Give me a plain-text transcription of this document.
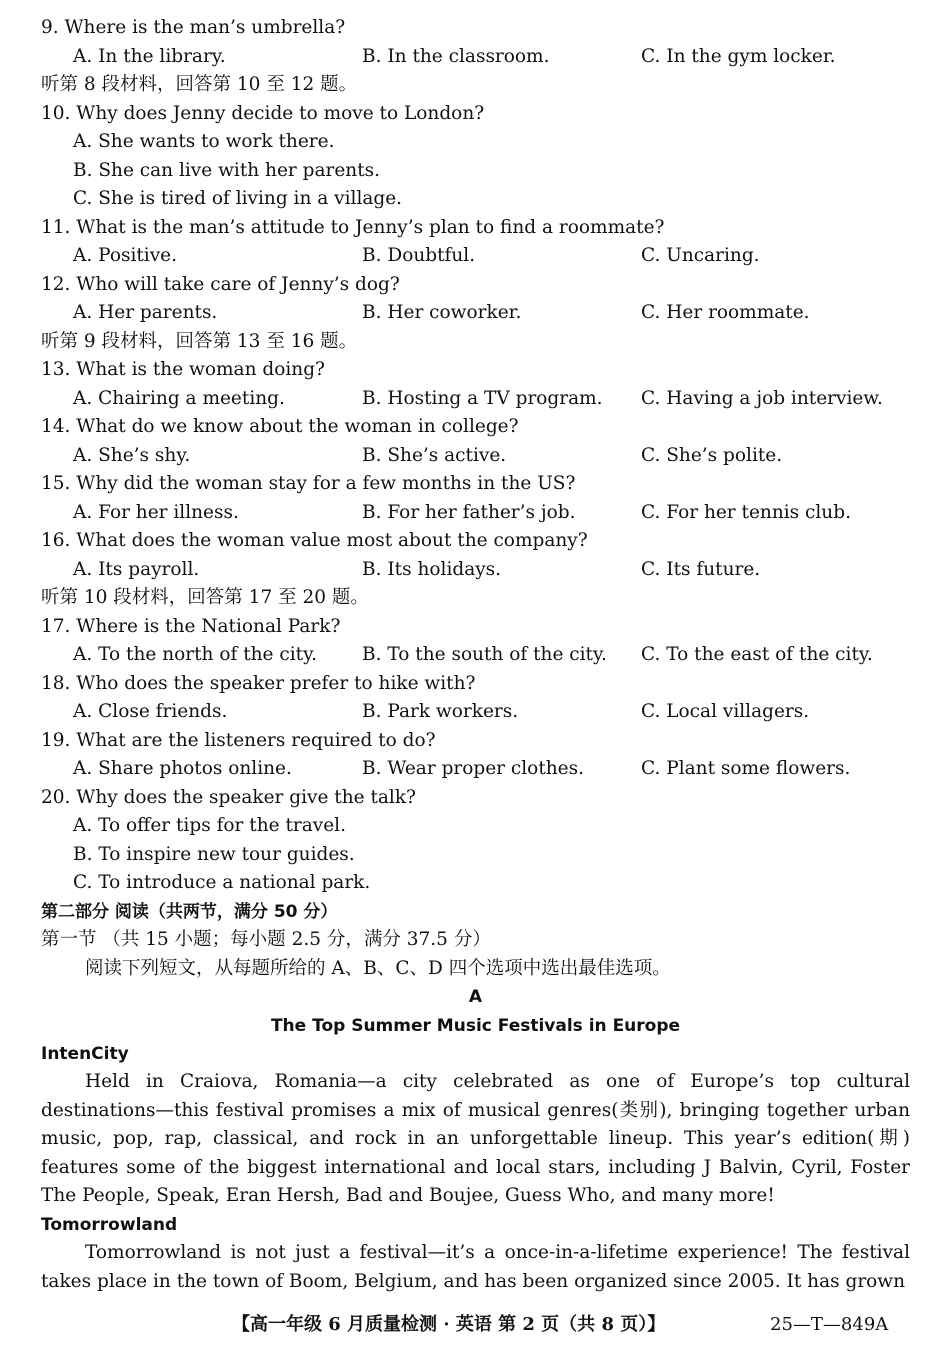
9. Where is the man’s umbrella?
A. In the library.	B. In the classroom.	C. In the gym locker.
听第 8 段材料，回答第 10 至 12 题。
10. Why does Jenny decide to move to London?
A. She wants to work there.
B. She can live with her parents.
C. She is tired of living in a village.
11. What is the man’s attitude to Jenny’s plan to find a roommate?
A. Positive.	B. Doubtful.	C. Uncaring.
12. Who will take care of Jenny’s dog?
A. Her parents.	B. Her coworker.	C. Her roommate.
听第 9 段材料，回答第 13 至 16 题。
13. What is the woman doing?
A. Chairing a meeting.	B. Hosting a TV program. C. Having a job interview.
14. What do we know about the woman in college?
A. She’s shy.	B. She’s active.	C. She’s polite.
15. Why did the woman stay for a few months in the US?
A. For her illness.	B. For her father’s job.	C. For her tennis club.
16. What does the woman value most about the company?
A. Its payroll.	B. Its holidays.	C. Its future.
听第 10 段材料，回答第 17 至 20 题。
17. Where is the National Park?
A. To the north of the city. B. To the south of the city. C. To the east of the city.
18. Who does the speaker prefer to hike with?
A. Close friends.	B. Park workers.	C. Local villagers.
19. What are the listeners required to do?
A. Share photos online.	B. Wear proper clothes.	C. Plant some flowers.
20. Why does the speaker give the talk?
A. To offer tips for the travel.
B. To inspire new tour guides.
C. To introduce a national park.
第二部分 阅读（共两节，满分 50 分）
第一节 （共 15 小题；每小题 2.5 分，满分 37.5 分）
阅读下列短文，从每题所给的 A、B、C、D 四个选项中选出最佳选项。
A
The Top Summer Music Festivals in Europe
IntenCity
Held in Craiova, Romania—a city celebrated as one of Europe’s top cultural destinations—this festival promises a mix of musical genres(类别), bringing together urban music, pop, rap, classical, and rock in an unforgettable lineup. This year’s edition(期) features some of the biggest international and local stars, including J Balvin, Cyril, Foster The People, Speak, Eran Hersh, Bad and Boujee, Guess Who, and many more!
Tomorrowland
Tomorrowland is not just a festival—it’s a once-in-a-lifetime experience! The festival takes place in the town of Boom, Belgium, and has been organized since 2005. It has grown
【高一年级 6 月质量检测 · 英语 第 2 页（共 8 页）】	25—T—849A
